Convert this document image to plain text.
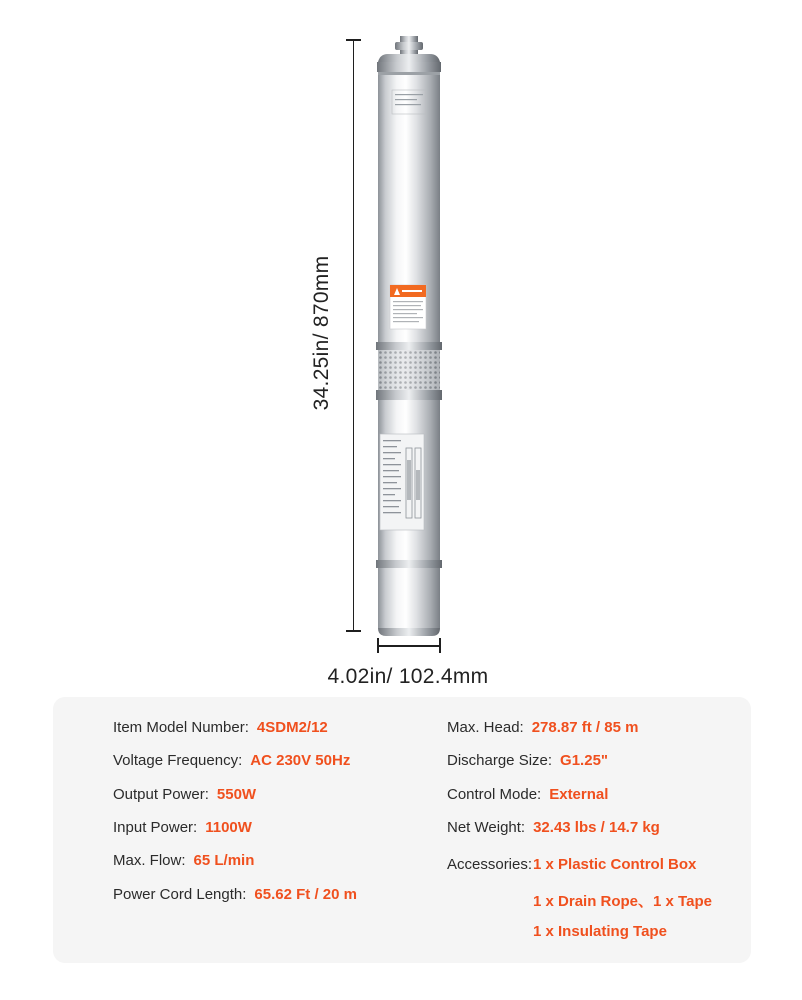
34.25in/ 870mm
4.02in/ 102.4mm
Item Model Number: 4SDM2/12
Voltage Frequency: AC 230V 50Hz
Output Power: 550W
Input Power: 1100W
Max. Flow: 65 L/min
Power Cord Length: 65.62 Ft / 20 m
Max. Head: 278.87 ft / 85 m
Discharge Size: G1.25"
Control Mode: External
Net Weight: 32.43 lbs / 14.7 kg
Accessories: 1 x Plastic Control Box
1 x Drain Rope、1 x Tape
1 x Insulating Tape
